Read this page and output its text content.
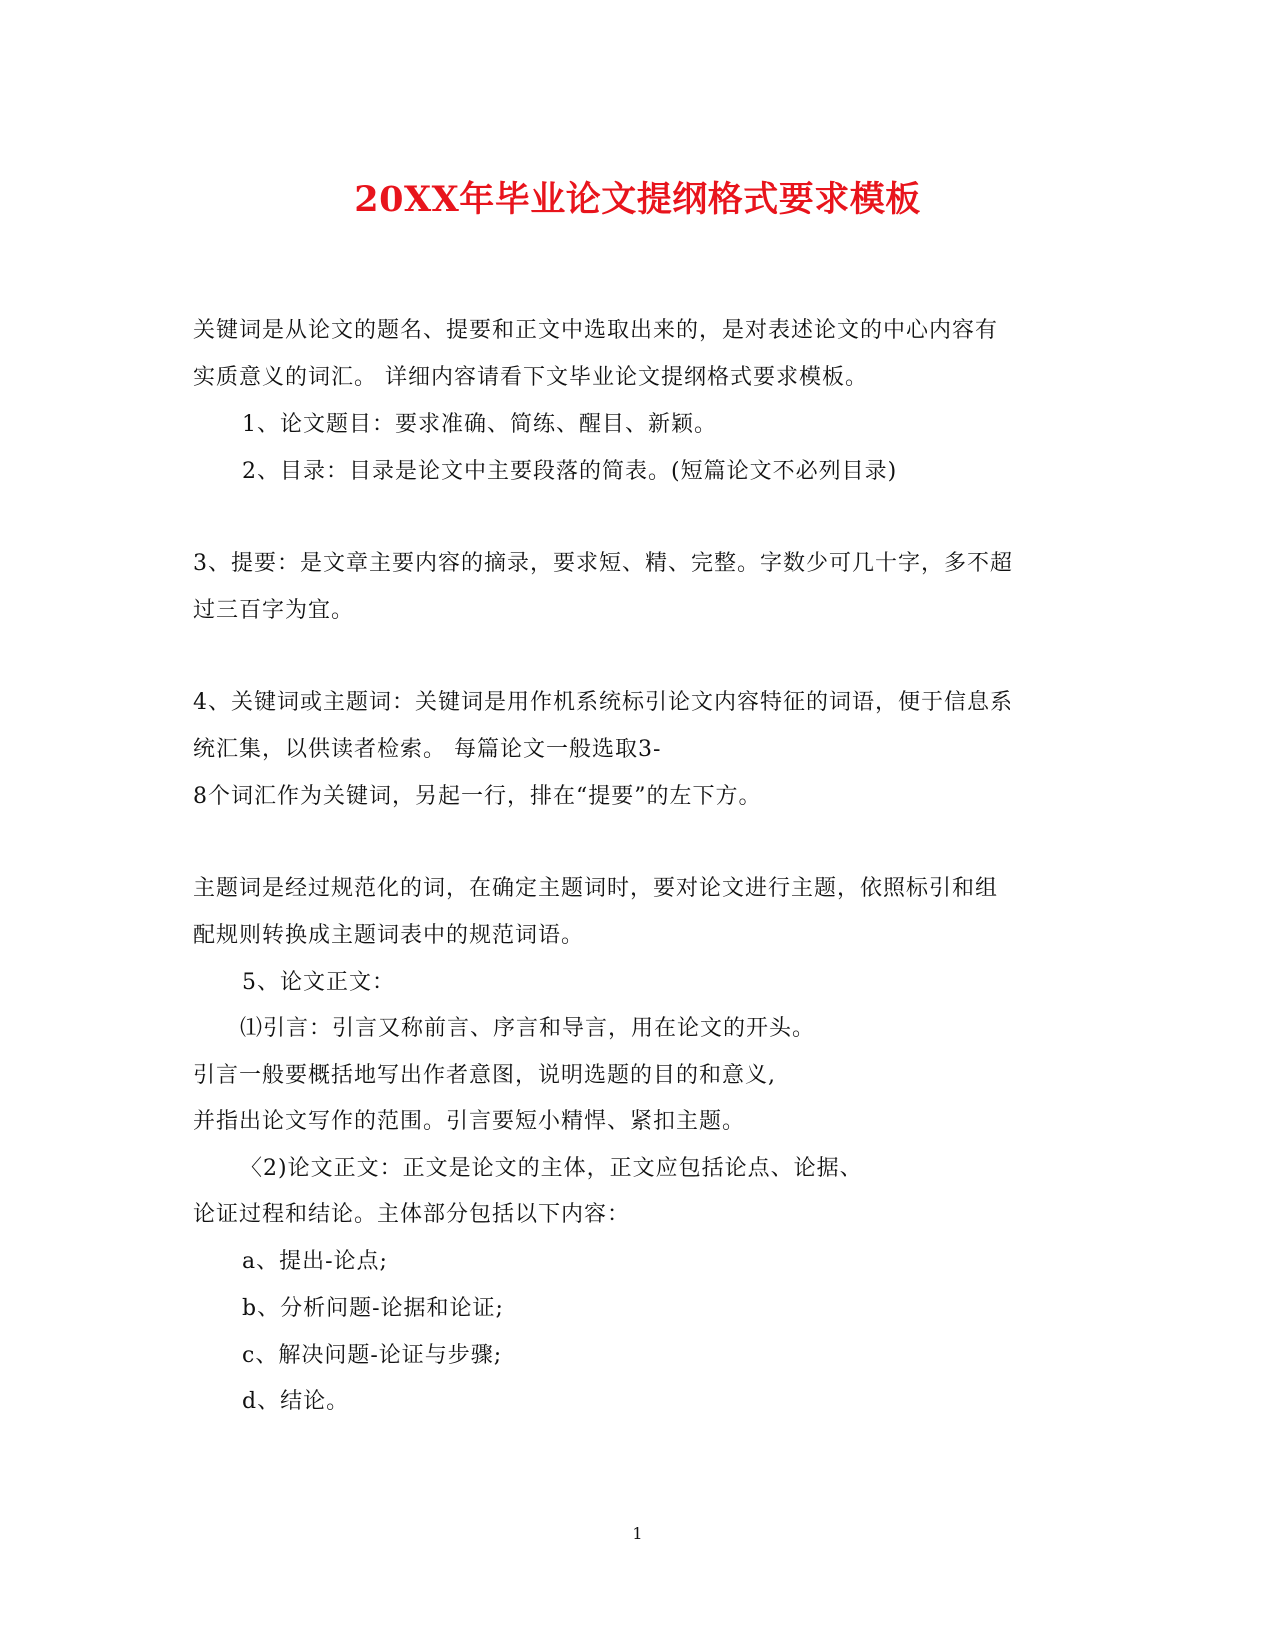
20XX年毕业论文提纲格式要求模板
关键词是从论文的题名、提要和正文中选取出来的，是对表述论文的中心内容有
实质意义的词汇。 详细内容请看下文毕业论文提纲格式要求模板。
1、论文题目：要求准确、简练、醒目、新颖。
2、目录：目录是论文中主要段落的简表。(短篇论文不必列目录)
3、提要：是文章主要内容的摘录，要求短、精、完整。字数少可几十字，多不超
过三百字为宜。
4、关键词或主题词：关键词是用作机系统标引论文内容特征的词语，便于信息系
统汇集，以供读者检索。 每篇论文一般选取3-
8个词汇作为关键词，另起一行，排在“提要”的左下方。
主题词是经过规范化的词，在确定主题词时，要对论文进行主题，依照标引和组
配规则转换成主题词表中的规范词语。
5、论文正文：
⑴引言：引言又称前言、序言和导言，用在论文的开头。
引言一般要概括地写出作者意图，说明选题的目的和意义,
并指出论文写作的范围。引言要短小精悍、紧扣主题。
〈2)论文正文：正文是论文的主体，正文应包括论点、论据、
论证过程和结论。主体部分包括以下内容：
a、提出-论点;
b、分析问题-论据和论证;
c、解决问题-论证与步骤;
d、结论。
1
